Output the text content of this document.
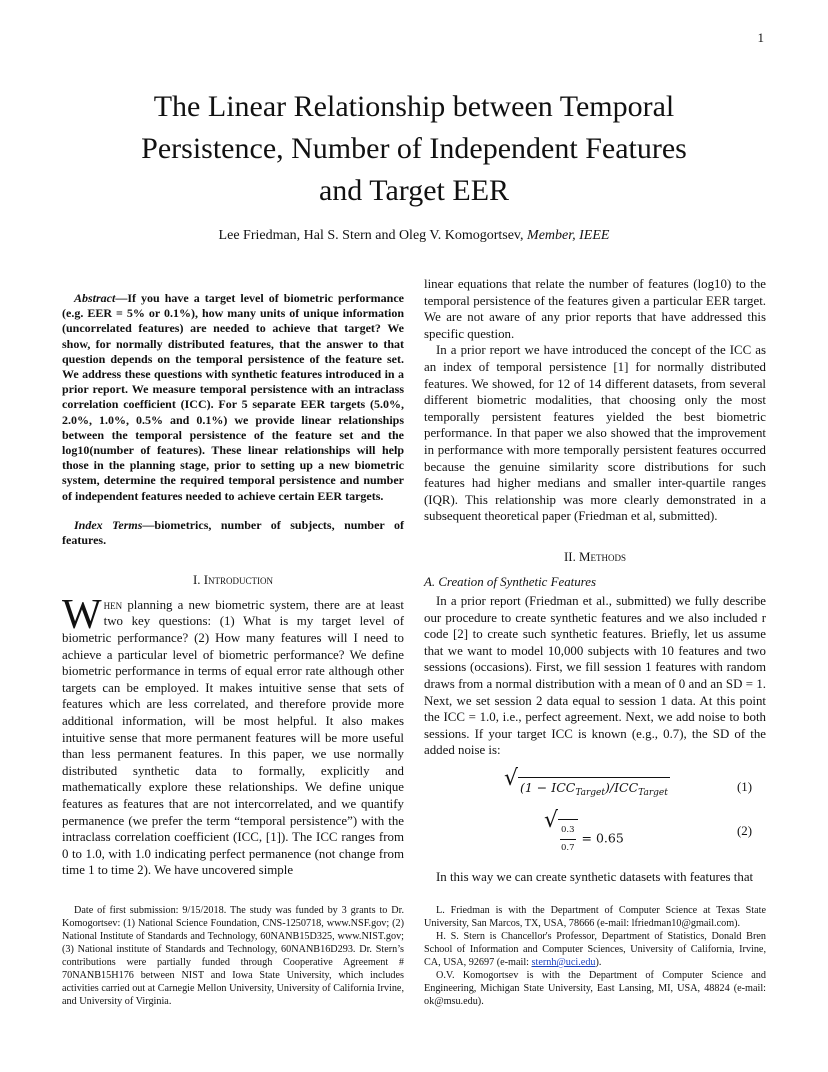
1
The Linear Relationship between Temporal
Persistence, Number of Independent Features
and Target EER
Lee Friedman, Hal S. Stern and Oleg V. Komogortsev, Member, IEEE

Abstract—If you have a target level of biometric performance (e.g. EER = 5% or 0.1%), how many units of unique information (uncorrelated features) are needed to achieve that target? We show, for normally distributed features, that the answer to that question depends on the temporal persistence of the feature set. We address these questions with synthetic features introduced in a prior report. We measure temporal persistence with an intraclass correlation coefficient (ICC). For 5 separate EER targets (5.0%, 2.0%, 1.0%, 0.5% and 0.1%) we provide linear relationships between the temporal persistence of the feature set and the log10(number of features). These linear relationships will help those in the planning stage, prior to setting up a new biometric system, determine the required temporal persistence and number of independent features needed to achieve certain EER targets.

Index Terms—biometrics, number of subjects, number of features.

I. Introduction

When planning a new biometric system, there are at least two key questions: (1) What is my target level of biometric performance? (2) How many features will I need to achieve a particular level of biometric performance? We define biometric performance in terms of equal error rate although other targets can be employed. It makes intuitive sense that sets of features which are less correlated, and therefore provide more additional information, will be most helpful. It also makes intuitive sense that more permanent features will be more useful than less permanent features. In this paper, we use normally distributed synthetic data to formally, explicitly and mathematically explore these relationships. We define unique features as features that are not intercorrelated, and we quantify permanence (we prefer the term “temporal persistence”) with the intraclass correlation coefficient (ICC, [1]). The ICC ranges from 0 to 1.0, with 1.0 indicating perfect permanence (not change from time 1 to time 2). We have uncovered simple

linear equations that relate the number of features (log10) to the temporal persistence of the features given a particular EER target. We are not aware of any prior reports that have addressed this specific question.

In a prior report we have introduced the concept of the ICC as an index of temporal persistence [1] for normally distributed features. We showed, for 12 of 14 different datasets, from several different biometric modalities, that choosing only the most temporally persistent features yielded the best biometric performance. In that paper we also showed that the improvement in performance with more temporally persistent features occurred because the genuine similarity score distributions for such features had higher medians and smaller inter-quartile ranges (IQR). This relationship was more clearly demonstrated in a subsequent theoretical paper (Friedman et al, submitted).

II. Methods

A. Creation of Synthetic Features

In a prior report (Friedman et al., submitted) we fully describe our procedure to create synthetic features and we also included r code [2] to create such synthetic features. Briefly, let us assume that we want to model 10,000 subjects with 10 features and two sessions (occasions). First, we fill session 1 features with random draws from a normal distribution with a mean of 0 and an SD = 1. Next, we set session 2 data equal to session 1 data. At this point the ICC = 1.0, i.e., perfect agreement. Next, we add noise to both sessions. If your target ICC is known (e.g., 0.7), the SD of the added noise is:

√ $(1 - ICC_{Target})/ICC_{Target}$	(1)
√ $\frac{0.3}{0.7} = 0.65$	(2)

In this way we can create synthetic datasets with features that

Date of first submission: 9/15/2018. The study was funded by 3 grants to Dr. Komogortsev: (1) National Science Foundation, CNS-1250718, www.NSF.gov; (2) National Institute of Standards and Technology, 60NANB15D325, www.NIST.gov; (3) National institute of Standards and Technology, 60NANB16D293. Dr. Stern’s contributions were partially funded through Cooperative Agreement # 70NANB15H176 between NIST and Iowa State University, which includes activities carried out at Carnegie Mellon University, University of California Irvine, and University of Virginia.

L. Friedman is with the Department of Computer Science at Texas State University, San Marcos, TX, USA, 78666 (e-mail: lfriedman10@gmail.com).

H. S. Stern is Chancellor's Professor, Department of Statistics, Donald Bren School of Information and Computer Sciences, University of California, Irvine, CA, USA, 92697 (e-mail: sternh@uci.edu).

O.V. Komogortsev is with the Department of Computer Science and Engineering, Michigan State University, East Lansing, MI, USA, 48824 (e-mail: ok@msu.edu).
